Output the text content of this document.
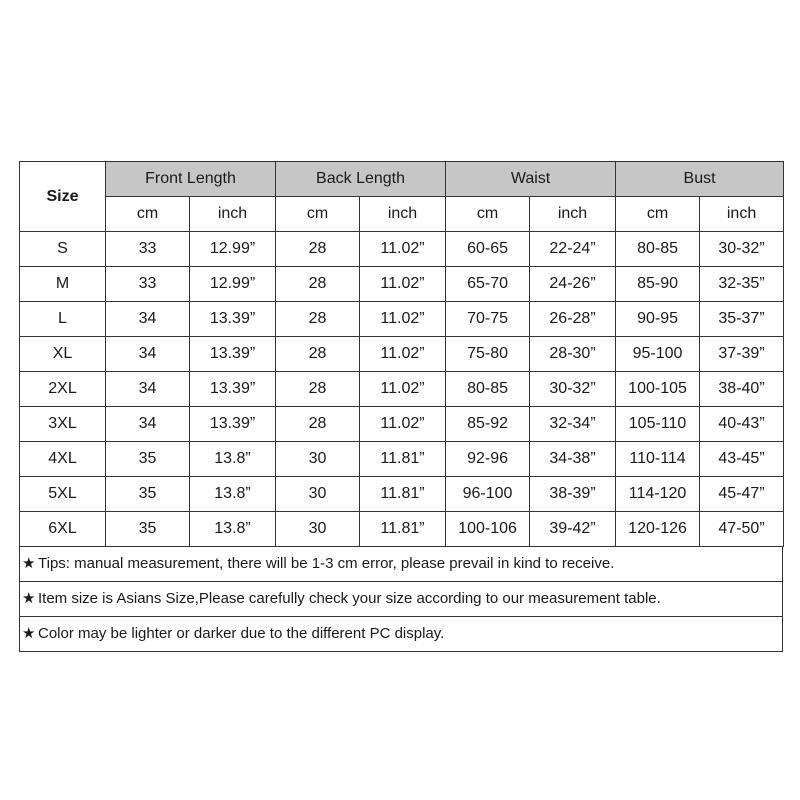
Size	Front Length		Back Length		Waist		Bust	
	cm	inch	cm	inch	cm	inch	cm	inch
S	33	12.99”	28	11.02”	60-65	22-24”	80-85	30-32”
M	33	12.99”	28	11.02”	65-70	24-26”	85-90	32-35”
L	34	13.39”	28	11.02”	70-75	26-28”	90-95	35-37”
XL	34	13.39”	28	11.02”	75-80	28-30”	95-100	37-39”
2XL	34	13.39”	28	11.02”	80-85	30-32”	100-105	38-40”
3XL	34	13.39”	28	11.02”	85-92	32-34”	105-110	40-43”
4XL	35	13.8”	30	11.81”	92-96	34-38”	110-114	43-45”
5XL	35	13.8”	30	11.81”	96-100	38-39”	114-120	45-47”
6XL	35	13.8”	30	11.81”	100-106	39-42”	120-126	47-50”
★ Tips: manual measurement, there will be 1-3 cm error, please prevail in kind to receive.
★ Item size is Asians Size,Please carefully check your size according to our measurement table.
★ Color may be lighter or darker due to the different PC display.
